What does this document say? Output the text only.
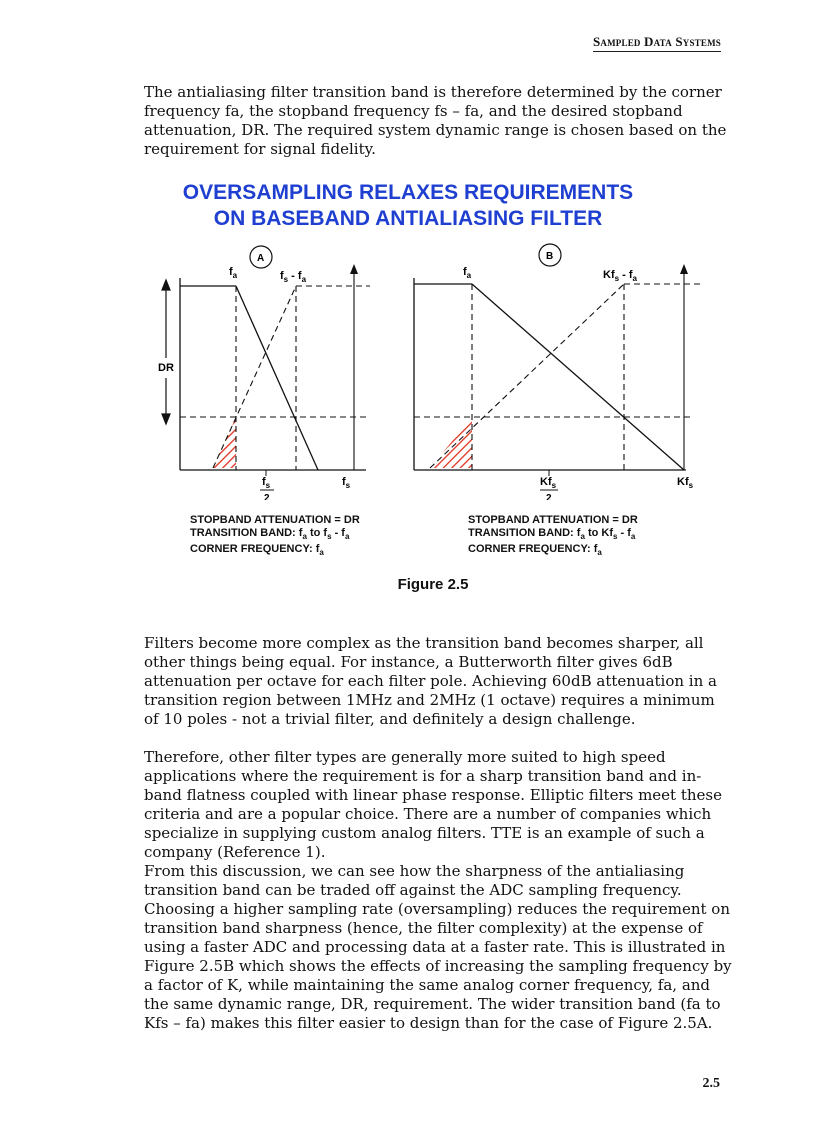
Sampled Data Systems

The antialiasing filter transition band is therefore determined by the corner frequency fa, the stopband frequency fs – fa, and the desired stopband attenuation, DR. The required system dynamic range is chosen based on the requirement for signal fidelity.

OVERSAMPLING RELAXES REQUIREMENTS
ON BASEBAND ANTIALIASING FILTER
DR
A
$f_a$	$f_s - f_a$
$f_s$
2
$f_s$
B
$f_a$	$Kf_s - f_a$
$Kf_s$
2
$Kf_s$
STOPBAND ATTENUATION = DR
TRANSITION BAND: $f_a$ to $f_s - f_a$
CORNER FREQUENCY: $f_a$
STOPBAND ATTENUATION = DR
TRANSITION BAND: $f_a$ to $Kf_s - f_a$
CORNER FREQUENCY: $f_a$
Figure 2.5

Filters become more complex as the transition band becomes sharper, all other things being equal. For instance, a Butterworth filter gives 6dB attenuation per octave for each filter pole. Achieving 60dB attenuation in a transition region between 1MHz and 2MHz (1 octave) requires a minimum of 10 poles - not a trivial filter, and definitely a design challenge.

Therefore, other filter types are generally more suited to high speed applications where the requirement is for a sharp transition band and in-band flatness coupled with linear phase response. Elliptic filters meet these criteria and are a popular choice. There are a number of companies which specialize in supplying custom analog filters. TTE is an example of such a company (Reference 1).

From this discussion, we can see how the sharpness of the antialiasing transition band can be traded off against the ADC sampling frequency. Choosing a higher sampling rate (oversampling) reduces the requirement on transition band sharpness (hence, the filter complexity) at the expense of using a faster ADC and processing data at a faster rate. This is illustrated in Figure 2.5B which shows the effects of increasing the sampling frequency by a factor of K, while maintaining the same analog corner frequency, fa, and the same dynamic range, DR, requirement. The wider transition band (fa to Kfs – fa) makes this filter easier to design than for the case of Figure 2.5A.

2.5
